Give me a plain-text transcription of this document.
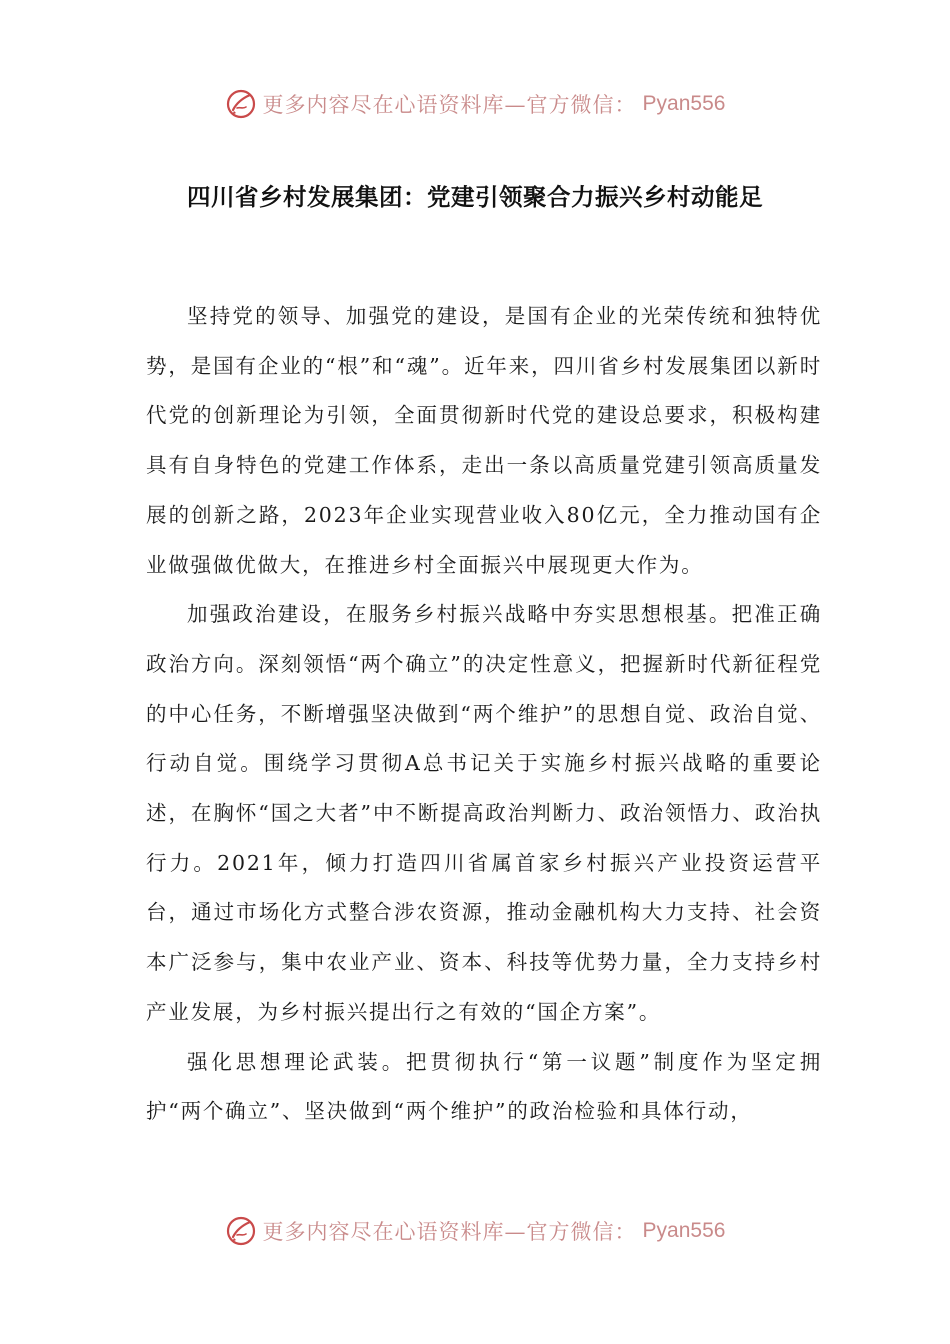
更多内容尽在心语资料库—官方微信： Pyan556
四川省乡村发展集团：党建引领聚合力振兴乡村动能足

坚持党的领导、加强党的建设，是国有企业的光荣传统和独特优势，是国有企业的“根”和“魂”。近年来，四川省乡村发展集团以新时代党的创新理论为引领，全面贯彻新时代党的建设总要求，积极构建具有自身特色的党建工作体系，走出一条以高质量党建引领高质量发展的创新之路，2023年企业实现营业收入80亿元，全力推动国有企业做强做优做大，在推进乡村全面振兴中展现更大作为。

加强政治建设，在服务乡村振兴战略中夯实思想根基。把准正确政治方向。深刻领悟“两个确立”的决定性意义，把握新时代新征程党的中心任务，不断增强坚决做到“两个维护”的思想自觉、政治自觉、行动自觉。围绕学习贯彻A总书记关于实施乡村振兴战略的重要论述，在胸怀“国之大者”中不断提高政治判断力、政治领悟力、政治执行力。2021年，倾力打造四川省属首家乡村振兴产业投资运营平台，通过市场化方式整合涉农资源，推动金融机构大力支持、社会资本广泛参与，集中农业产业、资本、科技等优势力量，全力支持乡村产业发展，为乡村振兴提出行之有效的“国企方案”。

强化思想理论武装。把贯彻执行“第一议题”制度作为坚定拥护“两个确立”、坚决做到“两个维护”的政治检验和具体行动，

更多内容尽在心语资料库—官方微信： Pyan556
